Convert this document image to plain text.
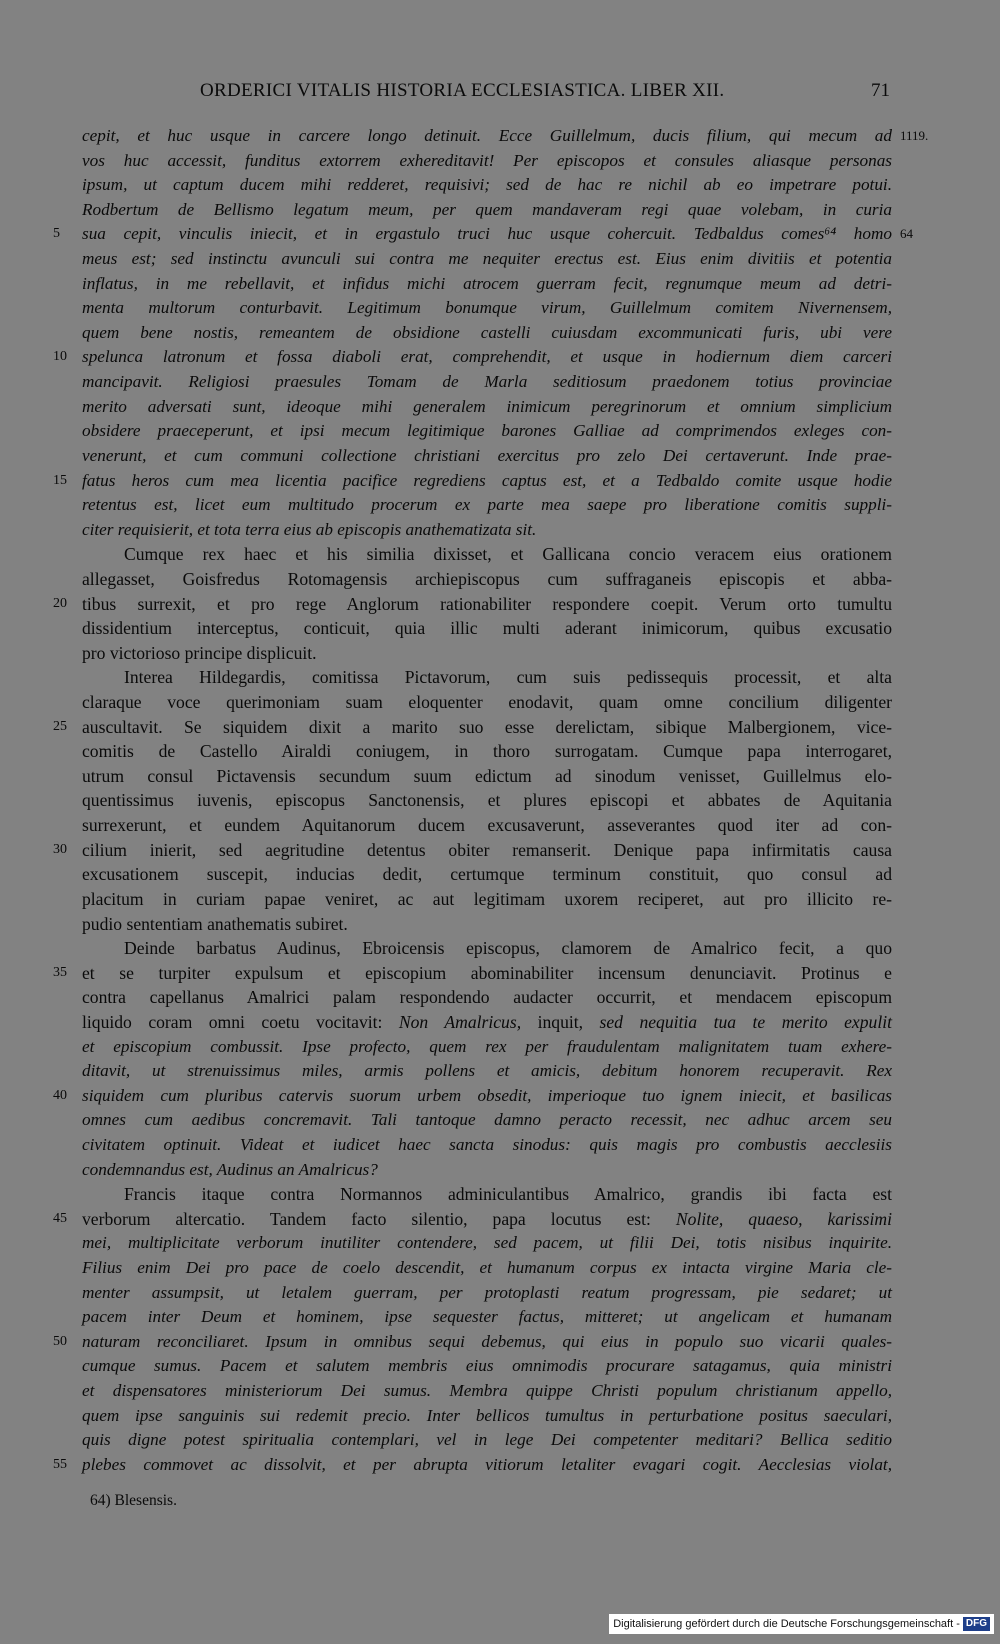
ORDERICI VITALIS HISTORIA ECCLESIASTICA. LIBER XII.	71
cepit, et huc usque in carcere longo detinuit. Ecce Guillelmum, ducis filium, qui mecum ad 1119.
vos huc accessit, funditus extorrem exhereditavit! Per episcopos et consules aliasque personas
ipsum, ut captum ducem mihi redderet, requisivi; sed de hac re nichil ab eo impetrare potui.
Rodbertum de Bellismo legatum meum, per quem mandaveram regi quae volebam, in curia
5 sua cepit, vinculis iniecit, et in ergastulo truci huc usque cohercuit. Tedbaldus comes⁶⁴ homo 64
meus est; sed instinctu avunculi sui contra me nequiter erectus est. Eius enim divitiis et potentia
inflatus, in me rebellavit, et infidus michi atrocem guerram fecit, regnumque meum ad detri-
menta multorum conturbavit. Legitimum bonumque virum, Guillelmum comitem Nivernensem,
quem bene nostis, remeantem de obsidione castelli cuiusdam excommunicati furis, ubi vere
10 spelunca latronum et fossa diaboli erat, comprehendit, et usque in hodiernum diem carceri
mancipavit. Religiosi praesules Tomam de Marla seditiosum praedonem totius provinciae
merito adversati sunt, ideoque mihi generalem inimicum peregrinorum et omnium simplicium
obsidere praeceperunt, et ipsi mecum legitimique barones Galliae ad comprimendos exleges con-
venerunt, et cum communi collectione christiani exercitus pro zelo Dei certaverunt. Inde prae-
15 fatus heros cum mea licentia pacifice regrediens captus est, et a Tedbaldo comite usque hodie
retentus est, licet eum multitudo procerum ex parte mea saepe pro liberatione comitis suppli-
citer requisierit, et tota terra eius ab episcopis anathematizata sit.
Cumque rex haec et his similia dixisset, et Gallicana concio veracem eius orationem
allegasset, Goisfredus Rotomagensis archiepiscopus cum suffraganeis episcopis et abba-
20 tibus surrexit, et pro rege Anglorum rationabiliter respondere coepit. Verum orto tumultu
dissidentium interceptus, conticuit, quia illic multi aderant inimicorum, quibus excusatio
pro victorioso principe displicuit.
Interea Hildegardis, comitissa Pictavorum, cum suis pedissequis processit, et alta
claraque voce querimoniam suam eloquenter enodavit, quam omne concilium diligenter
25 auscultavit. Se siquidem dixit a marito suo esse derelictam, sibique Malbergionem, vice-
comitis de Castello Airaldi coniugem, in thoro surrogatam. Cumque papa interrogaret,
utrum consul Pictavensis secundum suum edictum ad sinodum venisset, Guillelmus elo-
quentissimus iuvenis, episcopus Sanctonensis, et plures episcopi et abbates de Aquitania
surrexerunt, et eundem Aquitanorum ducem excusaverunt, asseverantes quod iter ad con-
30 cilium inierit, sed aegritudine detentus obiter remanserit. Denique papa infirmitatis causa
excusationem suscepit, inducias dedit, certumque terminum constituit, quo consul ad
placitum in curiam papae veniret, ac aut legitimam uxorem reciperet, aut pro illicito re-
pudio sententiam anathematis subiret.
Deinde barbatus Audinus, Ebroicensis episcopus, clamorem de Amalrico fecit, a quo
35 et se turpiter expulsum et episcopium abominabiliter incensum denunciavit. Protinus e
contra capellanus Amalrici palam respondendo audacter occurrit, et mendacem episcopum
liquido coram omni coetu vocitavit: Non Amalricus, inquit, sed nequitia tua te merito expulit
et episcopium combussit. Ipse profecto, quem rex per fraudulentam malignitatem tuam exhere-
ditavit, ut strenuissimus miles, armis pollens et amicis, debitum honorem recuperavit. Rex
40 siquidem cum pluribus catervis suorum urbem obsedit, imperioque tuo ignem iniecit, et basilicas
omnes cum aedibus concremavit. Tali tantoque damno peracto recessit, nec adhuc arcem seu
civitatem optinuit. Videat et iudicet haec sancta sinodus: quis magis pro combustis aecclesiis
condemnandus est, Audinus an Amalricus?
Francis itaque contra Normannos adminiculantibus Amalrico, grandis ibi facta est
45 verborum altercatio. Tandem facto silentio, papa locutus est: Nolite, quaeso, karissimi
mei, multiplicitate verborum inutiliter contendere, sed pacem, ut filii Dei, totis nisibus inquirite.
Filius enim Dei pro pace de coelo descendit, et humanum corpus ex intacta virgine Maria cle-
menter assumpsit, ut letalem guerram, per protoplasti reatum progressam, pie sedaret; ut
pacem inter Deum et hominem, ipse sequester factus, mitteret; ut angelicam et humanam
50 naturam reconciliaret. Ipsum in omnibus sequi debemus, qui eius in populo suo vicarii quales-
cumque sumus. Pacem et salutem membris eius omnimodis procurare satagamus, quia ministri
et dispensatores ministeriorum Dei sumus. Membra quippe Christi populum christianum appello,
quem ipse sanguinis sui redemit precio. Inter bellicos tumultus in perturbatione positus saeculari,
quis digne potest spiritualia contemplari, vel in lege Dei competenter meditari? Bellica seditio
55 plebes commovet ac dissolvit, et per abrupta vitiorum letaliter evagari cogit. Aecclesias violat,
64) Blesensis.
Digitalisierung gefördert durch die Deutsche Forschungsgemeinschaft - DFG
